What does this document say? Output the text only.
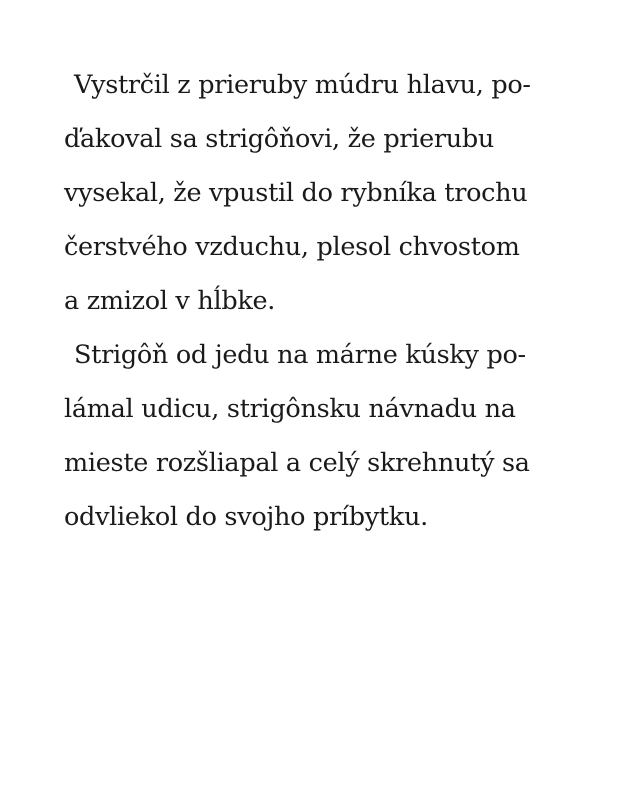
Vystrčil z prieruby múdru hlavu, po-
ďakoval sa strigôňovi, že prierubu
vysekal, že vpustil do rybníka trochu
čerstvého vzduchu, plesol chvostom
a zmizol v hĺbke.
Strigôň od jedu na márne kúsky po-
lámal udicu, strigônsku návnadu na
mieste rozšliapal a celý skrehnutý sa
odvliekol do svojho príbytku.
